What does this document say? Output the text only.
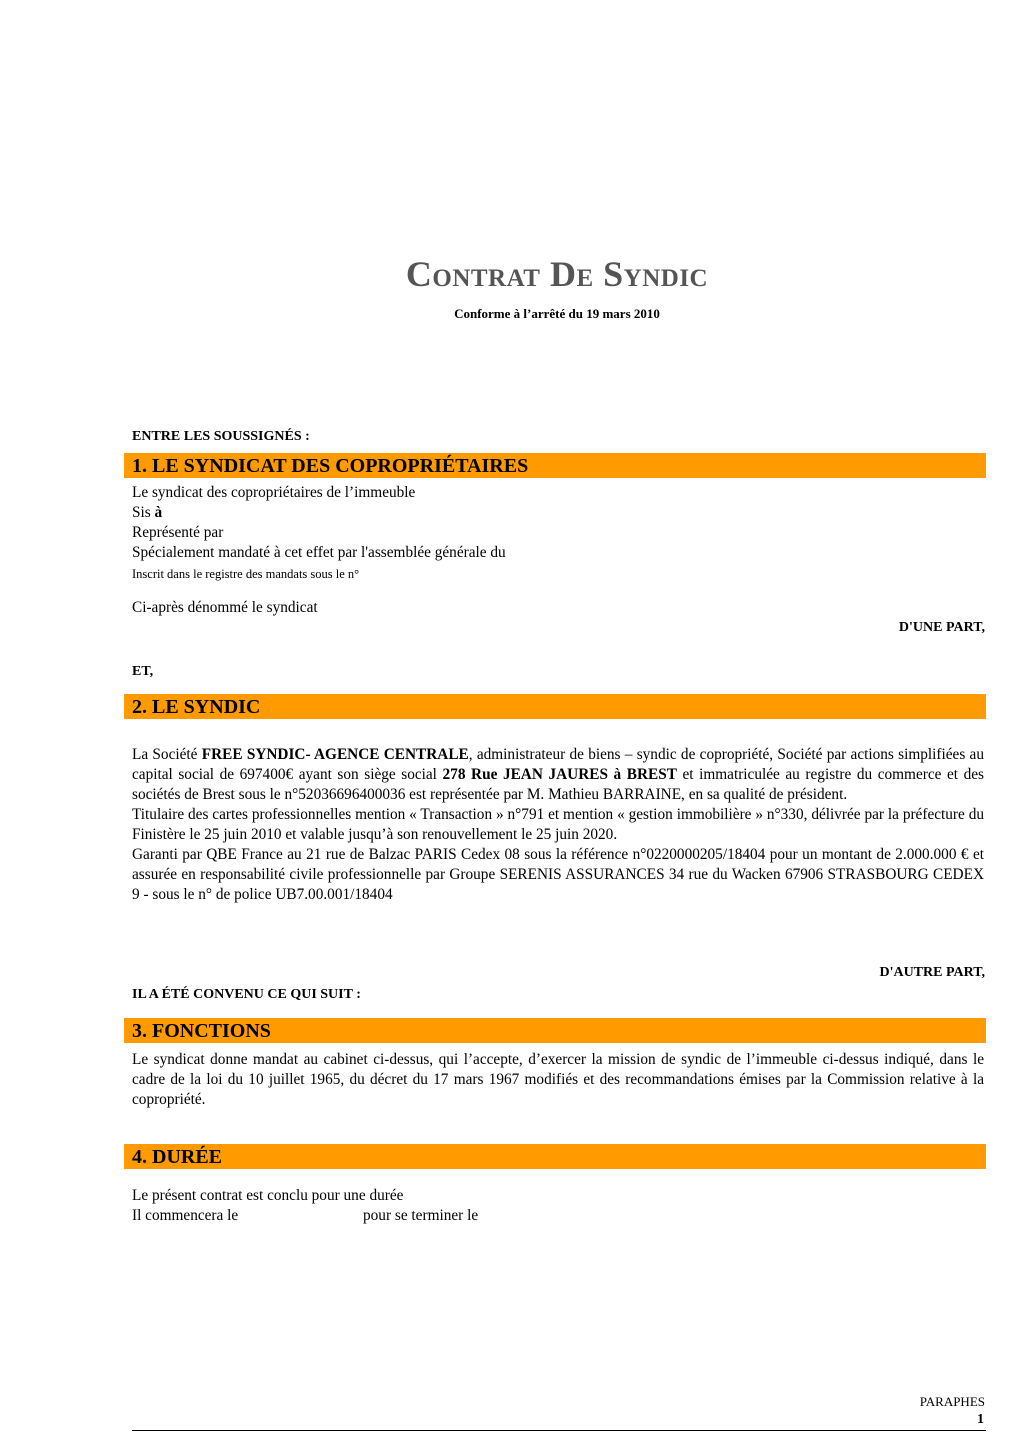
Contrat De Syndic
Conforme à l’arrêté du 19 mars 2010
ENTRE LES SOUSSIGNÉS :
1. LE SYNDICAT DES COPROPRIÉTAIRES
Le syndicat des copropriétaires de l’immeuble
Sis à
Représenté par
Spécialement mandaté à cet effet par l'assemblée générale du
Inscrit dans le registre des mandats sous le n°
Ci-après dénommé le syndicat
D'UNE PART,
ET,
2. LE SYNDIC

La Société FREE SYNDIC- AGENCE CENTRALE, administrateur de biens – syndic de copropriété, Société par actions simplifiées au capital social de 697400€ ayant son siège social 278 Rue JEAN JAURES à BREST et immatriculée au registre du commerce et des sociétés de Brest sous le n°52036696400036 est représentée par M. Mathieu BARRAINE, en sa qualité de président.

Titulaire des cartes professionnelles mention « Transaction » n°791 et mention « gestion immobilière » n°330, délivrée par la préfecture du Finistère le 25 juin 2010 et valable jusqu’à son renouvellement le 25 juin 2020.

Garanti par QBE France au 21 rue de Balzac PARIS Cedex 08 sous la référence n°0220000205/18404 pour un montant de 2.000.000 € et assurée en responsabilité civile professionnelle par Groupe SERENIS ASSURANCES 34 rue du Wacken 67906 STRASBOURG CEDEX 9 - sous le n° de police UB7.00.001/18404

D'AUTRE PART,
IL A ÉTÉ CONVENU CE QUI SUIT :
3. FONCTIONS
Le syndicat donne mandat au cabinet ci-dessus, qui l’accepte, d’exercer la mission de syndic de l’immeuble ci-dessus indiqué, dans le cadre de la loi du 10 juillet 1965, du décret du 17 mars 1967 modifiés et des recommandations émises par la Commission relative à la copropriété.
4. DURÉE
Le présent contrat est conclu pour une durée
Il commencera le	pour se terminer le
PARAPHES
1
